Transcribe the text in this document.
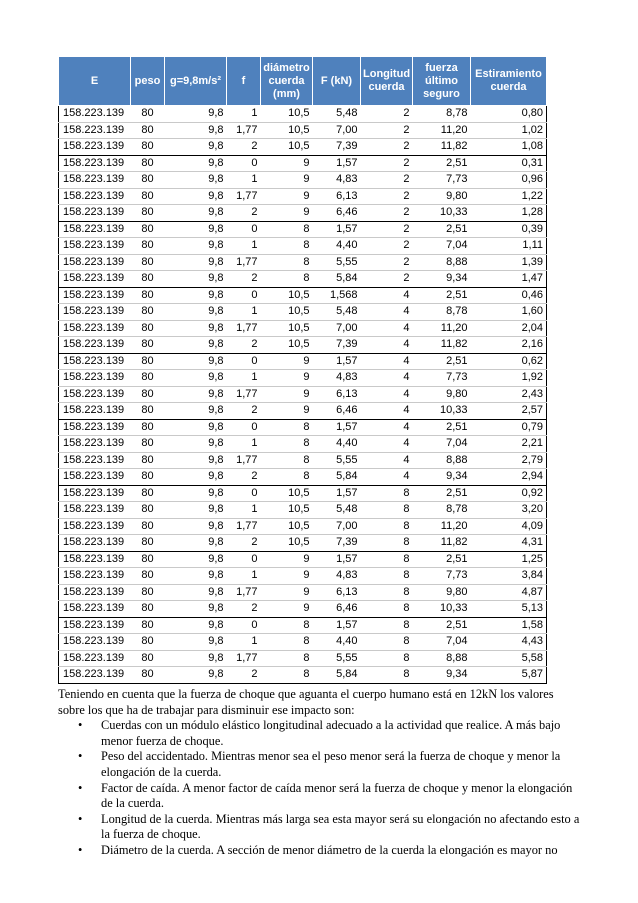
E	peso	g=9,8m/s²	f	diámetro cuerda (mm)	F (kN)	Longitud cuerda	fuerza último seguro	Estiramiento cuerda
158.223.139	80	9,8	1	10,5	5,48	2	8,78	0,80
158.223.139	80	9,8	1,77	10,5	7,00	2	11,20	1,02
158.223.139	80	9,8	2	10,5	7,39	2	11,82	1,08
158.223.139	80	9,8	0	9	1,57	2	2,51	0,31
158.223.139	80	9,8	1	9	4,83	2	7,73	0,96
158.223.139	80	9,8	1,77	9	6,13	2	9,80	1,22
158.223.139	80	9,8	2	9	6,46	2	10,33	1,28
158.223.139	80	9,8	0	8	1,57	2	2,51	0,39
158.223.139	80	9,8	1	8	4,40	2	7,04	1,11
158.223.139	80	9,8	1,77	8	5,55	2	8,88	1,39
158.223.139	80	9,8	2	8	5,84	2	9,34	1,47
158.223.139	80	9,8	0	10,5	1,568	4	2,51	0,46
158.223.139	80	9,8	1	10,5	5,48	4	8,78	1,60
158.223.139	80	9,8	1,77	10,5	7,00	4	11,20	2,04
158.223.139	80	9,8	2	10,5	7,39	4	11,82	2,16
158.223.139	80	9,8	0	9	1,57	4	2,51	0,62
158.223.139	80	9,8	1	9	4,83	4	7,73	1,92
158.223.139	80	9,8	1,77	9	6,13	4	9,80	2,43
158.223.139	80	9,8	2	9	6,46	4	10,33	2,57
158.223.139	80	9,8	0	8	1,57	4	2,51	0,79
158.223.139	80	9,8	1	8	4,40	4	7,04	2,21
158.223.139	80	9,8	1,77	8	5,55	4	8,88	2,79
158.223.139	80	9,8	2	8	5,84	4	9,34	2,94
158.223.139	80	9,8	0	10,5	1,57	8	2,51	0,92
158.223.139	80	9,8	1	10,5	5,48	8	8,78	3,20
158.223.139	80	9,8	1,77	10,5	7,00	8	11,20	4,09
158.223.139	80	9,8	2	10,5	7,39	8	11,82	4,31
158.223.139	80	9,8	0	9	1,57	8	2,51	1,25
158.223.139	80	9,8	1	9	4,83	8	7,73	3,84
158.223.139	80	9,8	1,77	9	6,13	8	9,80	4,87
158.223.139	80	9,8	2	9	6,46	8	10,33	5,13
158.223.139	80	9,8	0	8	1,57	8	2,51	1,58
158.223.139	80	9,8	1	8	4,40	8	7,04	4,43
158.223.139	80	9,8	1,77	8	5,55	8	8,88	5,58
158.223.139	80	9,8	2	8	5,84	8	9,34	5,87

Teniendo en cuenta que la fuerza de choque que aguanta el cuerpo humano está en 12kN los valores sobre los que ha de trabajar para disminuir ese impacto son:

• Cuerdas con un módulo elástico longitudinal adecuado a la actividad que realice. A más bajo menor fuerza de choque.
• Peso del accidentado. Mientras menor sea el peso menor será la fuerza de choque y menor la elongación de la cuerda.
• Factor de caída. A menor factor de caída menor será la fuerza de choque y menor la elongación de la cuerda.
• Longitud de la cuerda. Mientras más larga sea esta mayor será su elongación no afectando esto a la fuerza de choque.
• Diámetro de la cuerda. A sección de menor diámetro de la cuerda la elongación es mayor no
